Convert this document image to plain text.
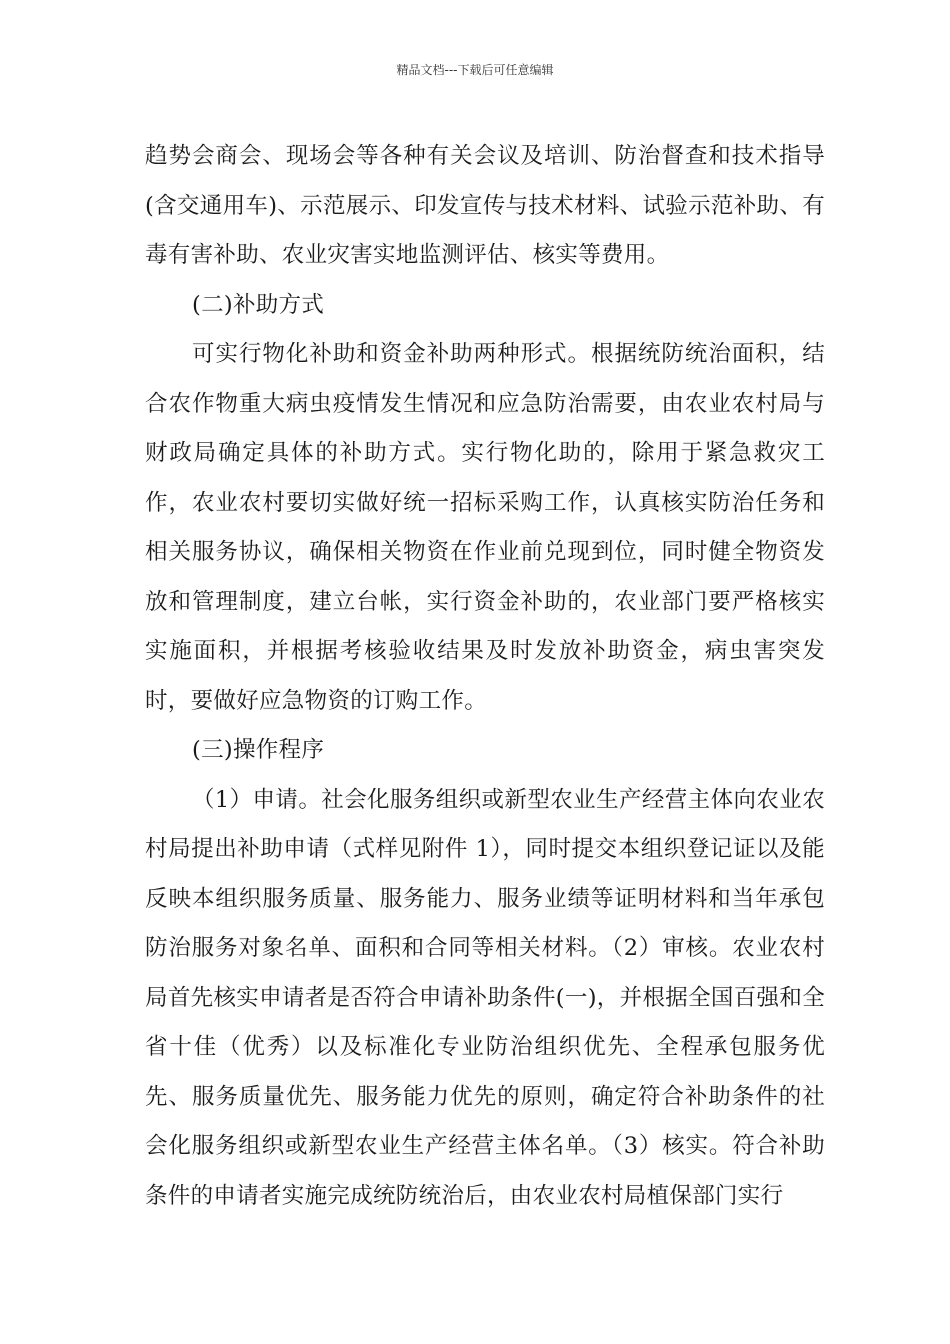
精品文档---下载后可任意编辑

趋势会商会、现场会等各种有关会议及培训、防治督查和技术指导(含交通用车)、示范展示、印发宣传与技术材料、试验示范补助、有毒有害补助、农业灾害实地监测评估、核实等费用。

(二)补助方式

可实行物化补助和资金补助两种形式。根据统防统治面积，结合农作物重大病虫疫情发生情况和应急防治需要，由农业农村局与财政局确定具体的补助方式。实行物化助的，除用于紧急救灾工作，农业农村要切实做好统一招标采购工作，认真核实防治任务和相关服务协议，确保相关物资在作业前兑现到位，同时健全物资发放和管理制度，建立台帐，实行资金补助的，农业部门要严格核实实施面积，并根据考核验收结果及时发放补助资金，病虫害突发时，要做好应急物资的订购工作。

(三)操作程序

（1）申请。社会化服务组织或新型农业生产经营主体向农业农村局提出补助申请（式样见附件 1），同时提交本组织登记证以及能反映本组织服务质量、服务能力、服务业绩等证明材料和当年承包防治服务对象名单、面积和合同等相关材料。（2）审核。农业农村局首先核实申请者是否符合申请补助条件(一)，并根据全国百强和全省十佳（优秀）以及标准化专业防治组织优先、全程承包服务优先、服务质量优先、服务能力优先的原则，确定符合补助条件的社会化服务组织或新型农业生产经营主体名单。（3）核实。符合补助条件的申请者实施完成统防统治后，由农业农村局植保部门实行
